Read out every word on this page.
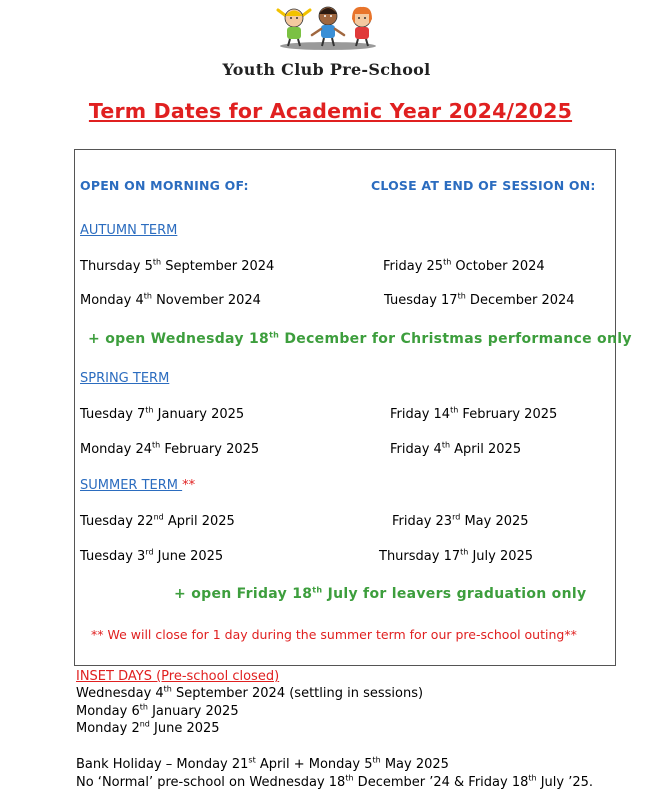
Youth Club Pre-School
Term Dates for Academic Year 2024/2025
OPEN ON MORNING OF:	CLOSE AT END OF SESSION ON:
AUTUMN TERM
Thursday 5th September 2024	Friday 25th October 2024
Monday 4th November 2024	Tuesday 17th December 2024
+ open Wednesday 18th December for Christmas performance only
SPRING TERM
Tuesday 7th January 2025	Friday 14th February 2025
Monday 24th February 2025	Friday 4th April 2025
SUMMER TERM **
Tuesday 22nd April 2025	Friday 23rd May 2025
Tuesday 3rd June 2025	Thursday 17th July 2025
+ open Friday 18th July for leavers graduation only
** We will close for 1 day during the summer term for our pre-school outing**
INSET DAYS (Pre-school closed)
Wednesday 4th September 2024 (settling in sessions)
Monday 6th January 2025
Monday 2nd June 2025
Bank Holiday – Monday 21st April + Monday 5th May 2025
No ‘Normal’ pre-school on Wednesday 18th December ’24 & Friday 18th July ’25.
